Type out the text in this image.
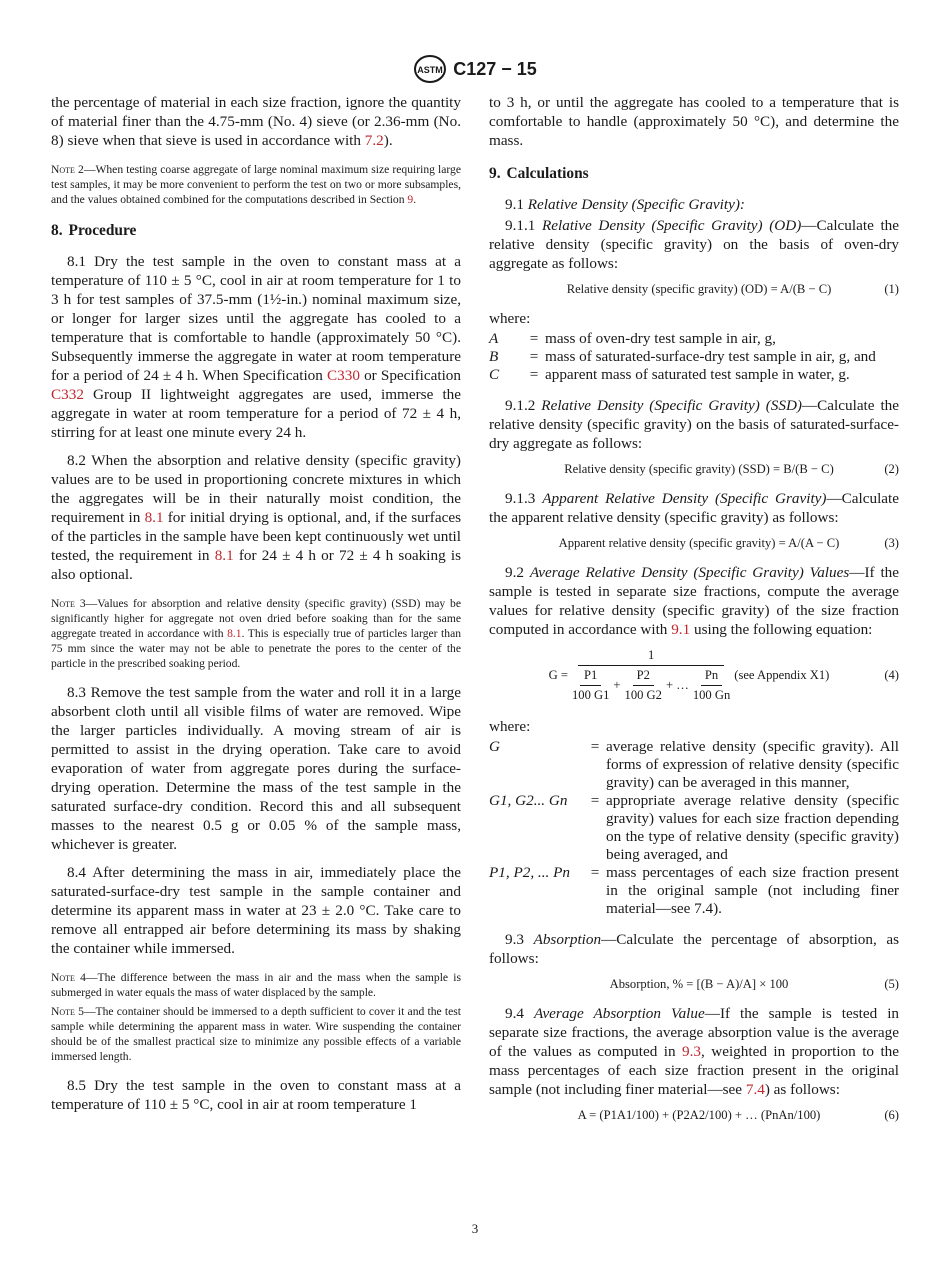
ASTM C127 − 15

the percentage of material in each size fraction, ignore the quantity of material finer than the 4.75-mm (No. 4) sieve (or 2.36-mm (No. 8) sieve when that sieve is used in accordance with 7.2).

Note 2—When testing coarse aggregate of large nominal maximum size requiring large test samples, it may be more convenient to perform the test on two or more subsamples, and the values obtained combined for the computations described in Section 9.
8. Procedure

8.1 Dry the test sample in the oven to constant mass at a temperature of 110 ± 5 °C, cool in air at room temperature for 1 to 3 h for test samples of 37.5-mm (1½-in.) nominal maximum size, or longer for larger sizes until the aggregate has cooled to a temperature that is comfortable to handle (approximately 50 °C). Subsequently immerse the aggregate in water at room temperature for a period of 24 ± 4 h. When Specification C330 or Specification C332 Group II lightweight aggregates are used, immerse the aggregate in water at room temperature for a period of 72 ± 4 h, stirring for at least one minute every 24 h.

8.2 When the absorption and relative density (specific gravity) values are to be used in proportioning concrete mixtures in which the aggregates will be in their naturally moist condition, the requirement in 8.1 for initial drying is optional, and, if the surfaces of the particles in the sample have been kept continuously wet until tested, the requirement in 8.1 for 24 ± 4 h or 72 ± 4 h soaking is also optional.

Note 3—Values for absorption and relative density (specific gravity) (SSD) may be significantly higher for aggregate not oven dried before soaking than for the same aggregate treated in accordance with 8.1. This is especially true of particles larger than 75 mm since the water may not be able to penetrate the pores to the center of the particle in the prescribed soaking period.

8.3 Remove the test sample from the water and roll it in a large absorbent cloth until all visible films of water are removed. Wipe the larger particles individually. A moving stream of air is permitted to assist in the drying operation. Take care to avoid evaporation of water from aggregate pores during the surface-drying operation. Determine the mass of the test sample in the saturated surface-dry condition. Record this and all subsequent masses to the nearest 0.5 g or 0.05 % of the sample mass, whichever is greater.

8.4 After determining the mass in air, immediately place the saturated-surface-dry test sample in the sample container and determine its apparent mass in water at 23 ± 2.0 °C. Take care to remove all entrapped air before determining its mass by shaking the container while immersed.

Note 4—The difference between the mass in air and the mass when the sample is submerged in water equals the mass of water displaced by the sample.
Note 5—The container should be immersed to a depth sufficient to cover it and the test sample while determining the apparent mass in water. Wire suspending the container should be of the smallest practical size to minimize any possible effects of a variable immersed length.

8.5 Dry the test sample in the oven to constant mass at a temperature of 110 ± 5 °C, cool in air at room temperature 1

to 3 h, or until the aggregate has cooled to a temperature that is comfortable to handle (approximately 50 °C), and determine the mass.

9. Calculations

9.1 Relative Density (Specific Gravity):

9.1.1 Relative Density (Specific Gravity) (OD)—Calculate the relative density (specific gravity) on the basis of oven-dry aggregate as follows:

Relative density (specific gravity) (OD) = A/(B − C)	(1)
where:
A	=	mass of oven-dry test sample in air, g,
B	=	mass of saturated-surface-dry test sample in air, g, and
C	=	apparent mass of saturated test sample in water, g.

9.1.2 Relative Density (Specific Gravity) (SSD)—Calculate the relative density (specific gravity) on the basis of saturated-surface-dry aggregate as follows:

Relative density (specific gravity) (SSD) = B/(B − C)	(2)

9.1.3 Apparent Relative Density (Specific Gravity)—Calculate the apparent relative density (specific gravity) as follows:

Apparent relative density (specific gravity) = A/(A − C)	(3)

9.2 Average Relative Density (Specific Gravity) Values—If the sample is tested in separate size fractions, compute the average values for relative density (specific gravity) of the size fraction computed in accordance with 9.1 using the following equation:

G =
1
$\frac{P1}{100 G1} + \frac{P2}{100 G2}$ + … $\frac{Pn}{100 Gn} (see$ Appendix X1)	(4)
where:
G	=	average relative density (specific gravity). All forms of expression of relative density (specific gravity) can be averaged in this manner,
G1, G2... Gn	=	appropriate average relative density (specific gravity) values for each size fraction depending on the type of relative density (specific gravity) being averaged, and
P1, P2, ... Pn	=	mass percentages of each size fraction present in the original sample (not including finer material—see 7.4).

9.3 Absorption—Calculate the percentage of absorption, as follows:

Absorption, % = [(B − A)/A] × 100	(5)

9.4 Average Absorption Value—If the sample is tested in separate size fractions, the average absorption value is the average of the values as computed in 9.3, weighted in proportion to the mass percentages of each size fraction present in the original sample (not including finer material—see 7.4) as follows:

A = (P1A1/100) + (P2A2/100) + … (PnAn/100)	(6)
3
